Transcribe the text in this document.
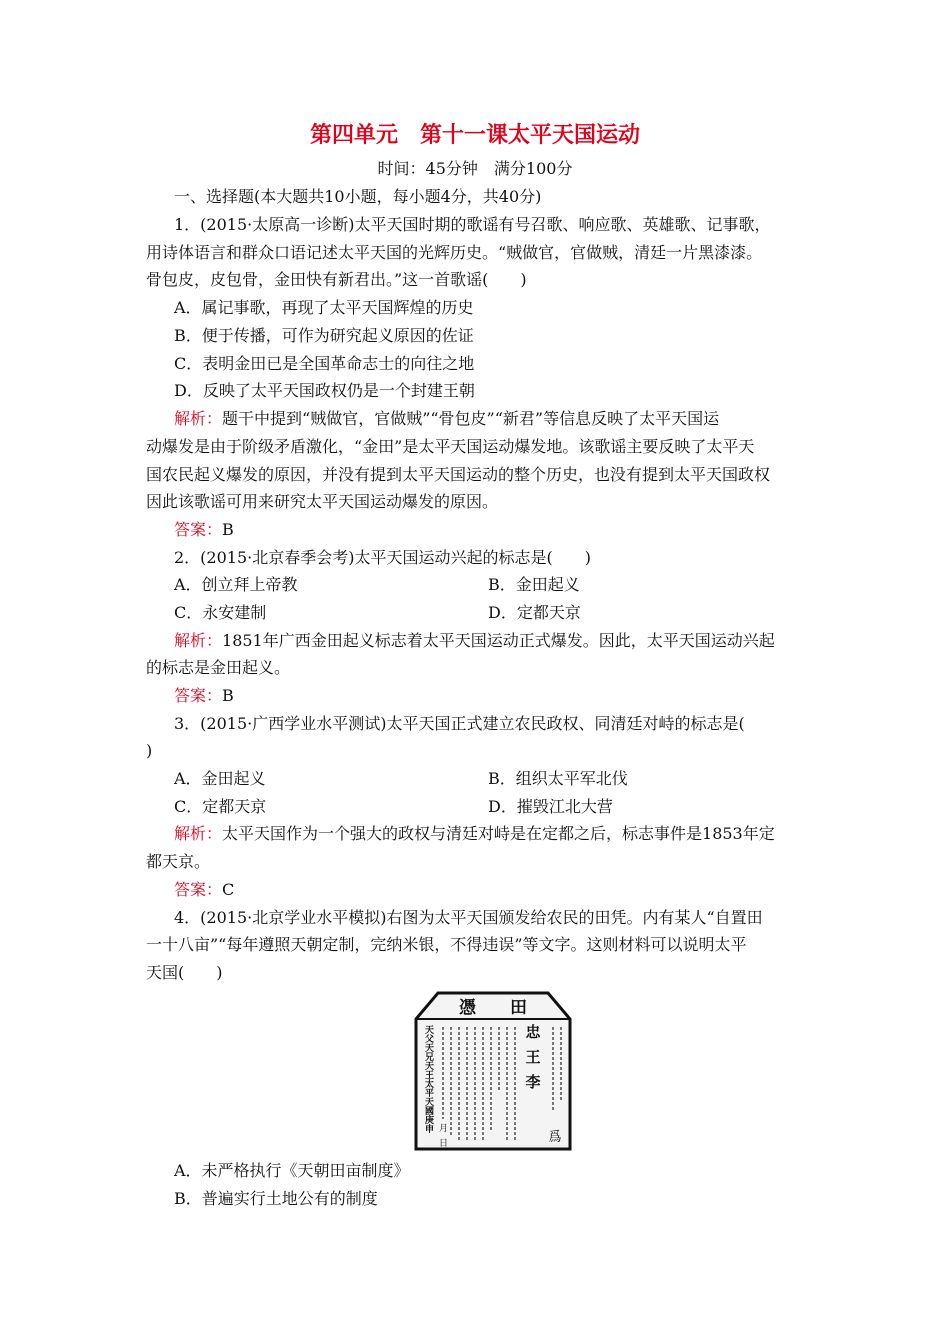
第四单元　第十一课太平天国运动
时间：45分钟　满分100分
一、选择题(本大题共10小题，每小题4分，共40分)
1．(2015·太原高一诊断)太平天国时期的歌谣有号召歌、响应歌、英雄歌、记事歌，
用诗体语言和群众口语记述太平天国的光辉历史。“贼做官，官做贼，清廷一片黑漆漆。
骨包皮，皮包骨，金田快有新君出。”这一首歌谣(　　)
A．属记事歌，再现了太平天国辉煌的历史
B．便于传播，可作为研究起义原因的佐证
C．表明金田已是全国革命志士的向往之地
D．反映了太平天国政权仍是一个封建王朝
解析：题干中提到“贼做官，官做贼”“骨包皮”“新君”等信息反映了太平天国运
动爆发是由于阶级矛盾激化，“金田”是太平天国运动爆发地。该歌谣主要反映了太平天
国农民起义爆发的原因，并没有提到太平天国运动的整个历史，也没有提到太平天国政权
因此该歌谣可用来研究太平天国运动爆发的原因。
答案：B
2．(2015·北京春季会考)太平天国运动兴起的标志是(　　)
A．创立拜上帝教	B．金田起义
C．永安建制	D．定都天京
解析：1851年广西金田起义标志着太平天国运动正式爆发。因此，太平天国运动兴起
的标志是金田起义。
答案：B
3．(2015·广西学业水平测试)太平天国正式建立农民政权、同清廷对峙的标志是(
)
A．金田起义	B．组织太平军北伐
C．定都天京	D．摧毁江北大营
解析：太平天国作为一个强大的政权与清廷对峙是在定都之后，标志事件是1853年定
都天京。
答案：C
4．(2015·北京学业水平模拟)右图为太平天国颁发给农民的田凭。内有某人“自置田
一十八亩”“每年遵照天朝定制，完纳米银，不得违误”等文字。这则材料可以说明太平
天国(　　)
憑　　田
忠王李
爲
天父天兄天王太平天國庚申 月
日
A．未严格执行《天朝田亩制度》
B．普遍实行土地公有的制度
